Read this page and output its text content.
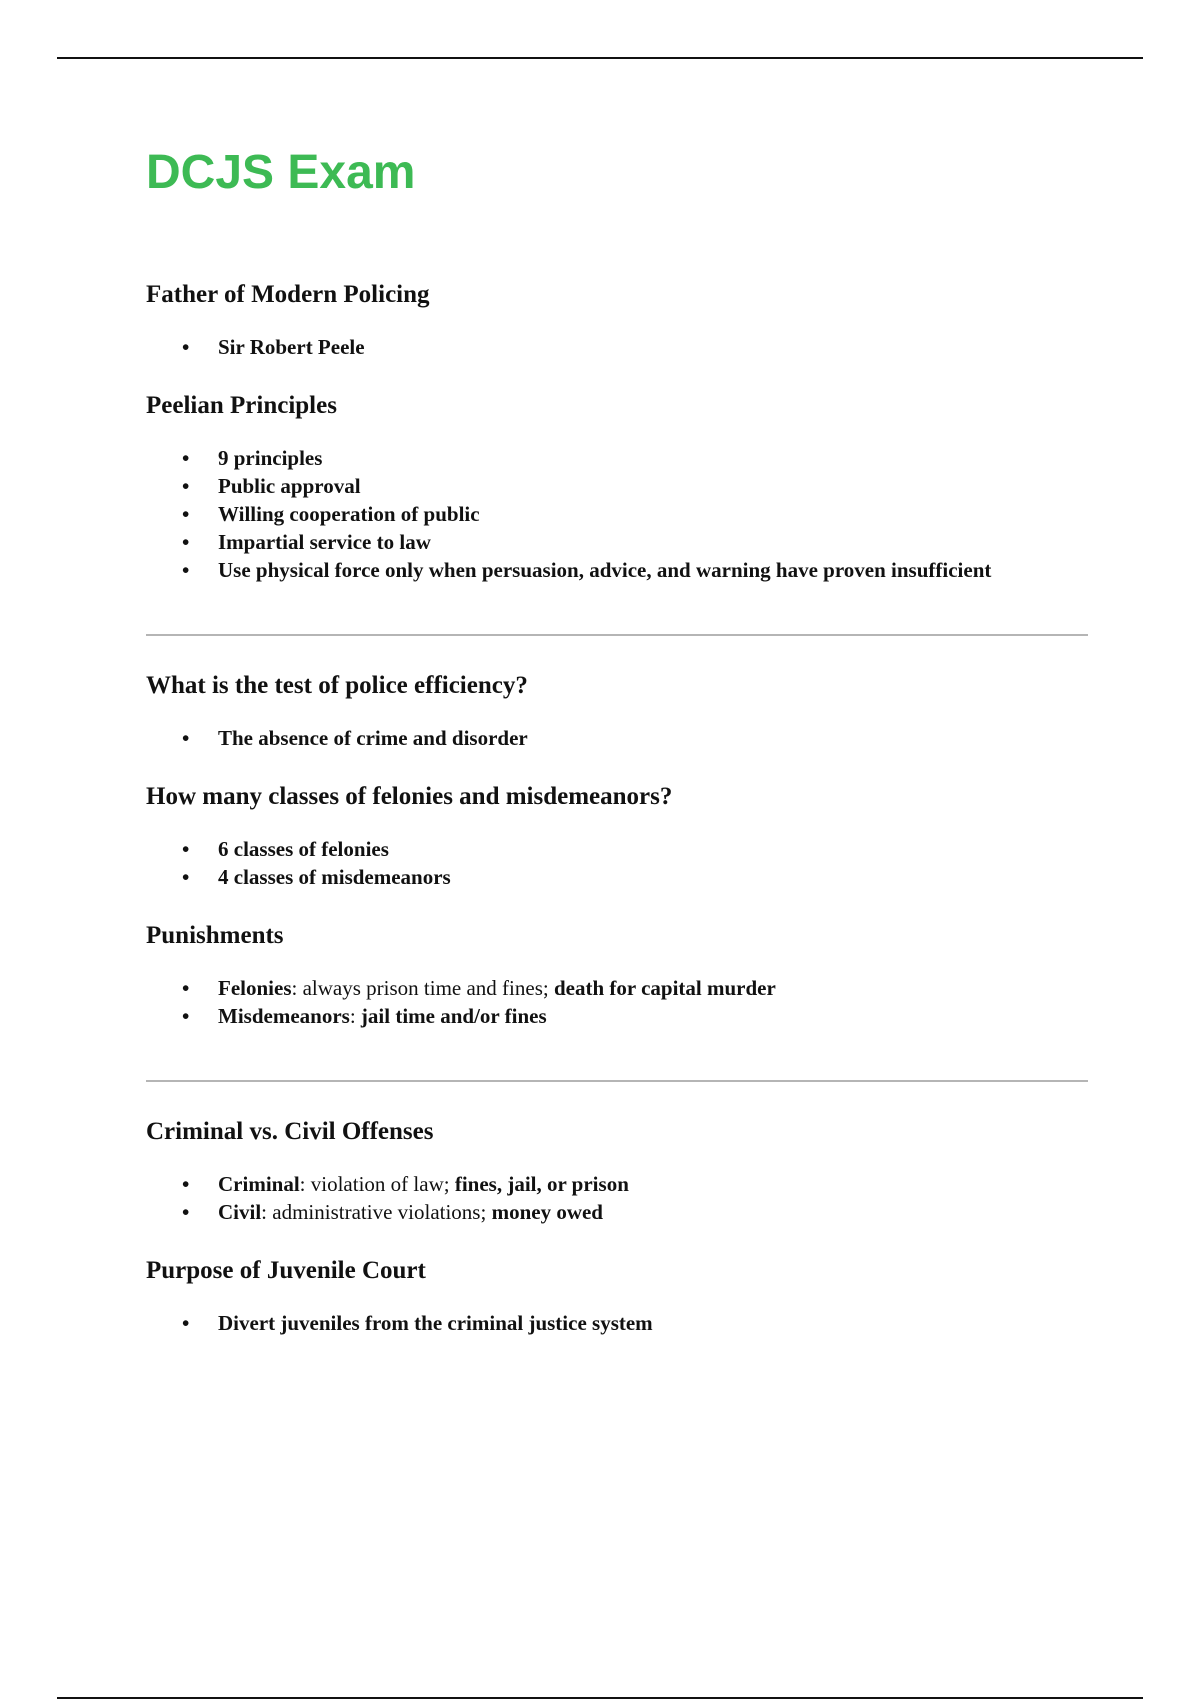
DCJS Exam
Father of Modern Policing
• Sir Robert Peele
Peelian Principles
• 9 principles
• Public approval
• Willing cooperation of public
• Impartial service to law
• Use physical force only when persuasion, advice, and warning have proven insufficient
What is the test of police efficiency?
• The absence of crime and disorder
How many classes of felonies and misdemeanors?
• 6 classes of felonies
• 4 classes of misdemeanors
Punishments
• Felonies: always prison time and fines; death for capital murder
• Misdemeanors: jail time and/or fines
Criminal vs. Civil Offenses
• Criminal: violation of law; fines, jail, or prison
• Civil: administrative violations; money owed
Purpose of Juvenile Court
• Divert juveniles from the criminal justice system
